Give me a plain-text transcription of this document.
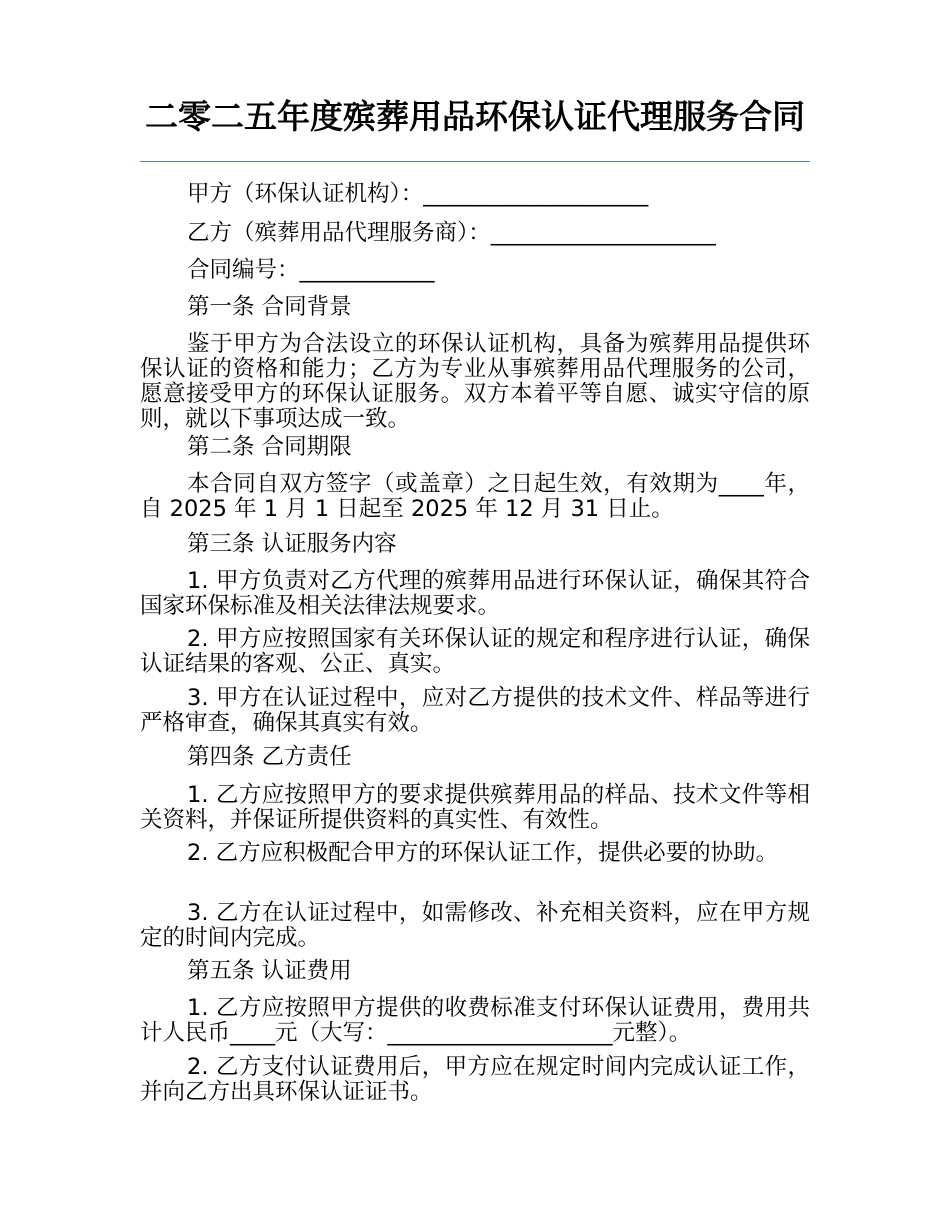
二零二五年度殡葬用品环保认证代理服务合同

甲方（环保认证机构）：____________________

乙方（殡葬用品代理服务商）：____________________

合同编号：____________

第一条 合同背景

鉴于甲方为合法设立的环保认证机构，具备为殡葬用品提供环保认证的资格和能力；乙方为专业从事殡葬用品代理服务的公司，愿意接受甲方的环保认证服务。双方本着平等自愿、诚实守信的原则，就以下事项达成一致。

第二条 合同期限

本合同自双方签字（或盖章）之日起生效，有效期为____年，自 2025 年 1 月 1 日起至 2025 年 12 月 31 日止。

第三条 认证服务内容

1. 甲方负责对乙方代理的殡葬用品进行环保认证，确保其符合国家环保标准及相关法律法规要求。

2. 甲方应按照国家有关环保认证的规定和程序进行认证，确保认证结果的客观、公正、真实。

3. 甲方在认证过程中，应对乙方提供的技术文件、样品等进行严格审查，确保其真实有效。

第四条 乙方责任

1. 乙方应按照甲方的要求提供殡葬用品的样品、技术文件等相关资料，并保证所提供资料的真实性、有效性。

2. 乙方应积极配合甲方的环保认证工作，提供必要的协助。

3. 乙方在认证过程中，如需修改、补充相关资料，应在甲方规定的时间内完成。

第五条 认证费用

1. 乙方应按照甲方提供的收费标准支付环保认证费用，费用共计人民币____元（大写：____________________元整）。

2. 乙方支付认证费用后，甲方应在规定时间内完成认证工作，并向乙方出具环保认证证书。
